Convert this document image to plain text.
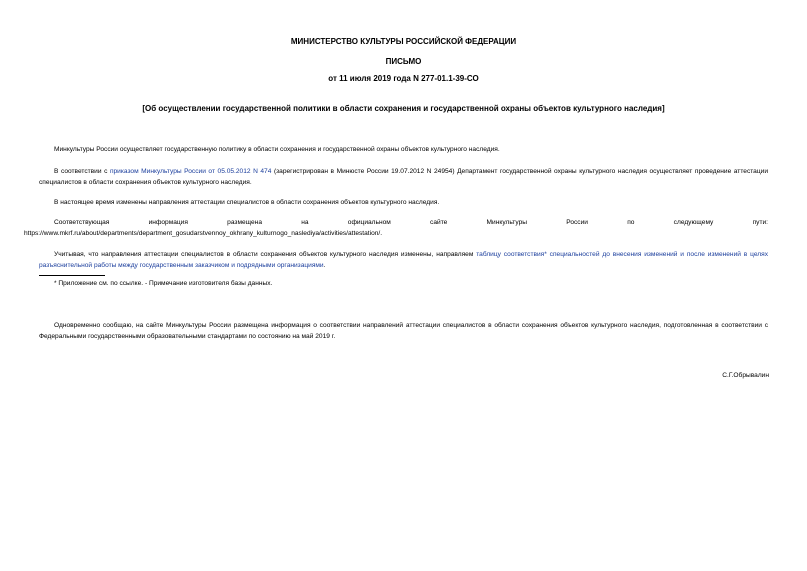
МИНИСТЕРСТВО КУЛЬТУРЫ РОССИЙСКОЙ ФЕДЕРАЦИИ
ПИСЬМО
от 11 июля 2019 года N 277-01.1-39-СО
[Об осуществлении государственной политики в области сохранения и государственной охраны объектов культурного наследия]
Минкультуры России осуществляет государственную политику в области сохранения и государственной охраны объектов культурного наследия.
В соответствии с приказом Минкультуры России от 05.05.2012 N 474 (зарегистрирован в Минюсте России 19.07.2012 N 24954) Департамент государственной охраны культурного наследия осуществляет проведение аттестации специалистов в области сохранения объектов культурного наследия.
В настоящее время изменены направления аттестации специалистов в области сохранения объектов культурного наследия.
Соответствующая информация размещена на официальном сайте Минкультуры России по следующему пути:
https://www.mkrf.ru/about/departments/department_gosudarstvennoy_okhrany_kulturnogo_naslediya/activities/attestation/.
Учитывая, что направления аттестации специалистов в области сохранения объектов культурного наследия изменены, направляем таблицу соответствия* специальностей до внесения изменений и после изменений в целях разъяснительной работы между государственным заказчиком и подрядными организациями.
* Приложение см. по ссылке. - Примечание изготовителя базы данных.
Одновременно сообщаю, на сайте Минкультуры России размещена информация о соответствии направлений аттестации специалистов в области сохранения объектов культурного наследия, подготовленная в соответствии с Федеральными государственными образовательными стандартами по состоянию на май 2019 г.
С.Г.Обрывалин
